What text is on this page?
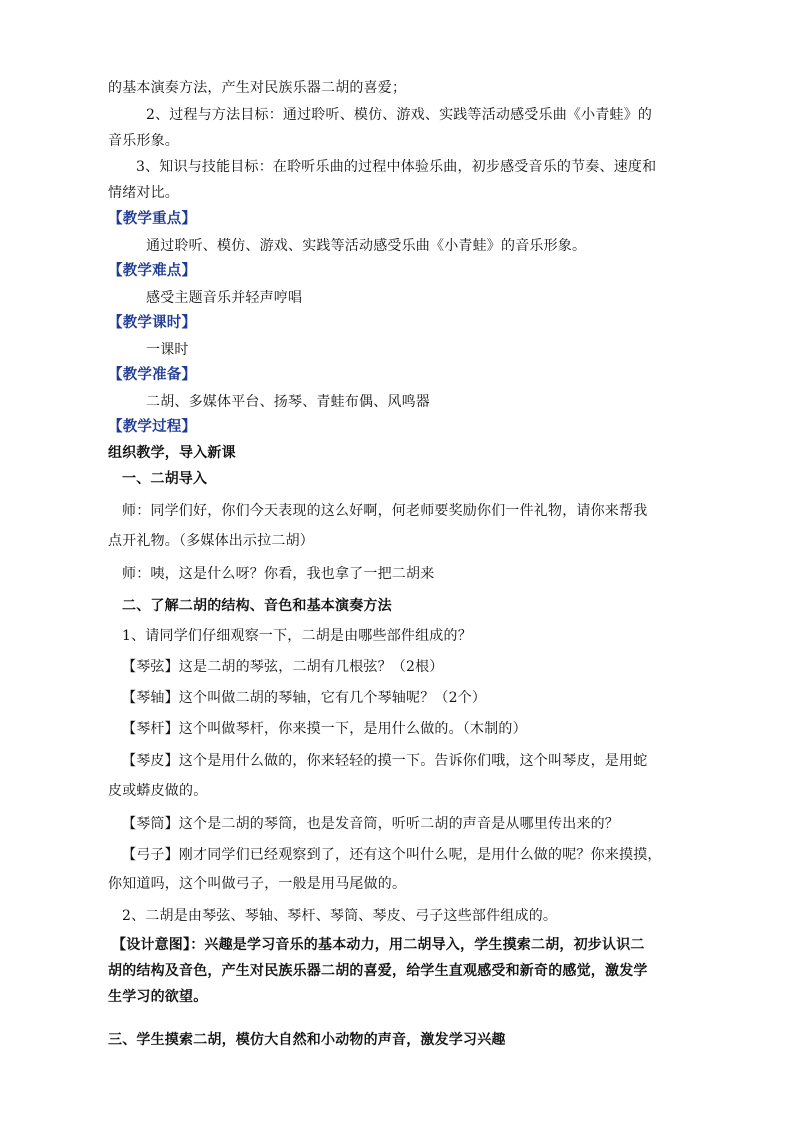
的基本演奏方法，产生对民族乐器二胡的喜爱；
2、过程与方法目标：通过聆听、模仿、游戏、实践等活动感受乐曲《小青蛙》的
音乐形象。
3、知识与技能目标：在聆听乐曲的过程中体验乐曲，初步感受音乐的节奏、速度和
情绪对比。
【教学重点】
通过聆听、模仿、游戏、实践等活动感受乐曲《小青蛙》的音乐形象。
【教学难点】
感受主题音乐并轻声哼唱
【教学课时】
一课时
【教学准备】
二胡、多媒体平台、扬琴、青蛙布偶、风鸣器
【教学过程】
组织教学，导入新课
一、二胡导入
师：同学们好，你们今天表现的这么好啊，何老师要奖励你们一件礼物，请你来帮我
点开礼物。（多媒体出示拉二胡）
师：咦，这是什么呀？你看，我也拿了一把二胡来
二、了解二胡的结构、音色和基本演奏方法
1、请同学们仔细观察一下，二胡是由哪些部件组成的？
【琴弦】这是二胡的琴弦，二胡有几根弦？（2根）
【琴轴】这个叫做二胡的琴轴，它有几个琴轴呢？（2个）
【琴杆】这个叫做琴杆，你来摸一下，是用什么做的。（木制的）
【琴皮】这个是用什么做的，你来轻轻的摸一下。告诉你们哦，这个叫琴皮，是用蛇
皮或蟒皮做的。
【琴筒】这个是二胡的琴筒，也是发音筒，听听二胡的声音是从哪里传出来的？
【弓子】刚才同学们已经观察到了，还有这个叫什么呢，是用什么做的呢？你来摸摸，
你知道吗，这个叫做弓子，一般是用马尾做的。
2、二胡是由琴弦、琴轴、琴杆、琴筒、琴皮、弓子这些部件组成的。
【设计意图】：兴趣是学习音乐的基本动力，用二胡导入，学生摸索二胡，初步认识二
胡的结构及音色，产生对民族乐器二胡的喜爱，给学生直观感受和新奇的感觉，激发学
生学习的欲望。
三、学生摸索二胡，模仿大自然和小动物的声音，激发学习兴趣
